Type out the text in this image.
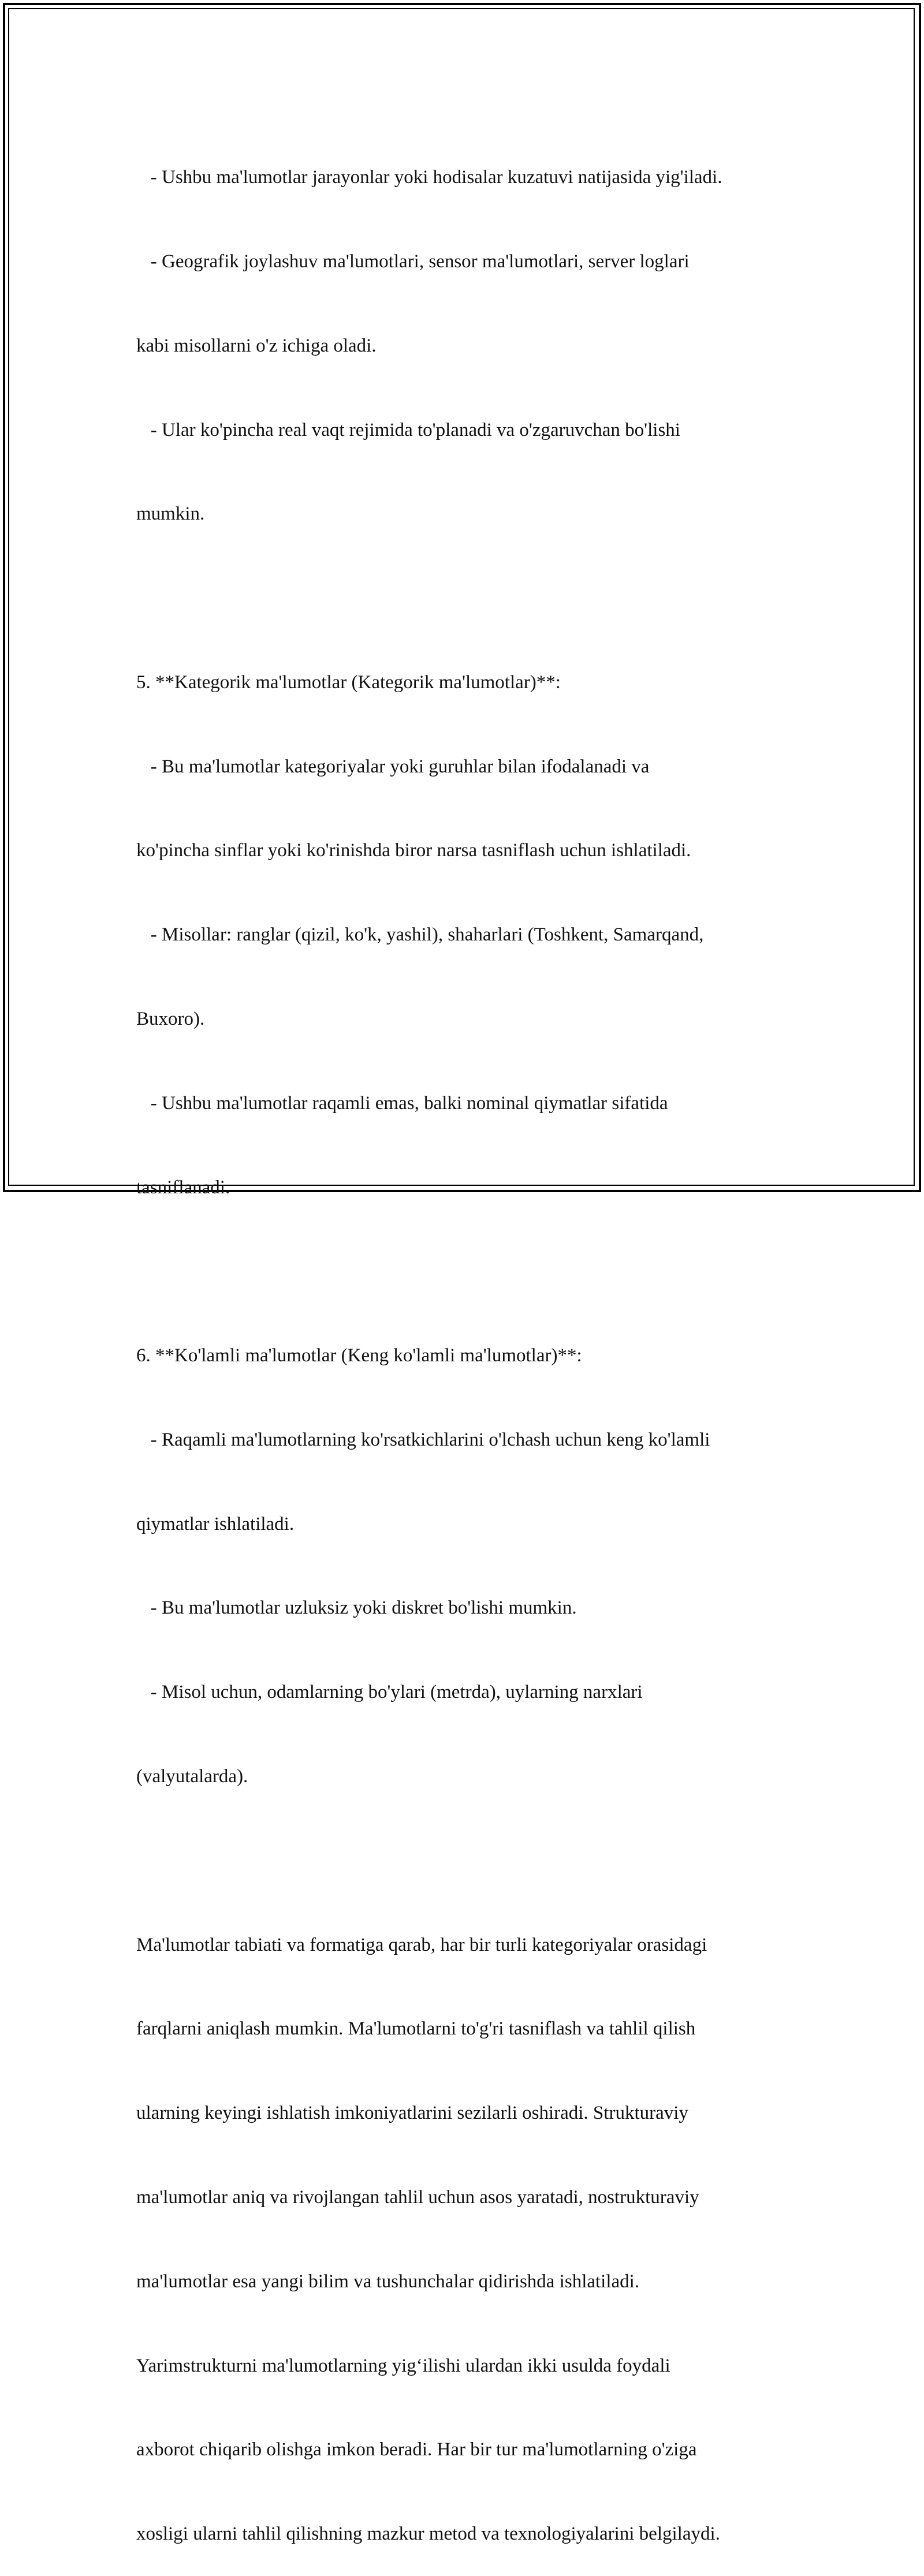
- Ushbu ma'lumotlar jarayonlar yoki hodisalar kuzatuvi natijasida yig'iladi.

- Geografik joylashuv ma'lumotlari, sensor ma'lumotlari, server loglari

kabi misollarni o'z ichiga oladi.

- Ular ko'pincha real vaqt rejimida to'planadi va o'zgaruvchan bo'lishi

mumkin.

5. **Kategorik ma'lumotlar (Kategorik ma'lumotlar)**:

- Bu ma'lumotlar kategoriyalar yoki guruhlar bilan ifodalanadi va

ko'pincha sinflar yoki ko'rinishda biror narsa tasniflash uchun ishlatiladi.

- Misollar: ranglar (qizil, ko'k, yashil), shaharlari (Toshkent, Samarqand,

Buxoro).

- Ushbu ma'lumotlar raqamli emas, balki nominal qiymatlar sifatida

tasniflanadi.

6. **Ko'lamli ma'lumotlar (Keng ko'lamli ma'lumotlar)**:

- Raqamli ma'lumotlarning ko'rsatkichlarini o'lchash uchun keng ko'lamli

qiymatlar ishlatiladi.

- Bu ma'lumotlar uzluksiz yoki diskret bo'lishi mumkin.

- Misol uchun, odamlarning bo'ylari (metrda), uylarning narxlari

(valyutalarda).

Ma'lumotlar tabiati va formatiga qarab, har bir turli kategoriyalar orasidagi

farqlarni aniqlash mumkin. Ma'lumotlarni to'g'ri tasniflash va tahlil qilish

ularning keyingi ishlatish imkoniyatlarini sezilarli oshiradi. Strukturaviy

ma'lumotlar aniq va rivojlangan tahlil uchun asos yaratadi, nostrukturaviy

ma'lumotlar esa yangi bilim va tushunchalar qidirishda ishlatiladi.

Yarimstrukturni ma'lumotlarning yig‘ilishi ulardan ikki usulda foydali

axborot chiqarib olishga imkon beradi. Har bir tur ma'lumotlarning o'ziga

xosligi ularni tahlil qilishning mazkur metod va texnologiyalarini belgilaydi.
